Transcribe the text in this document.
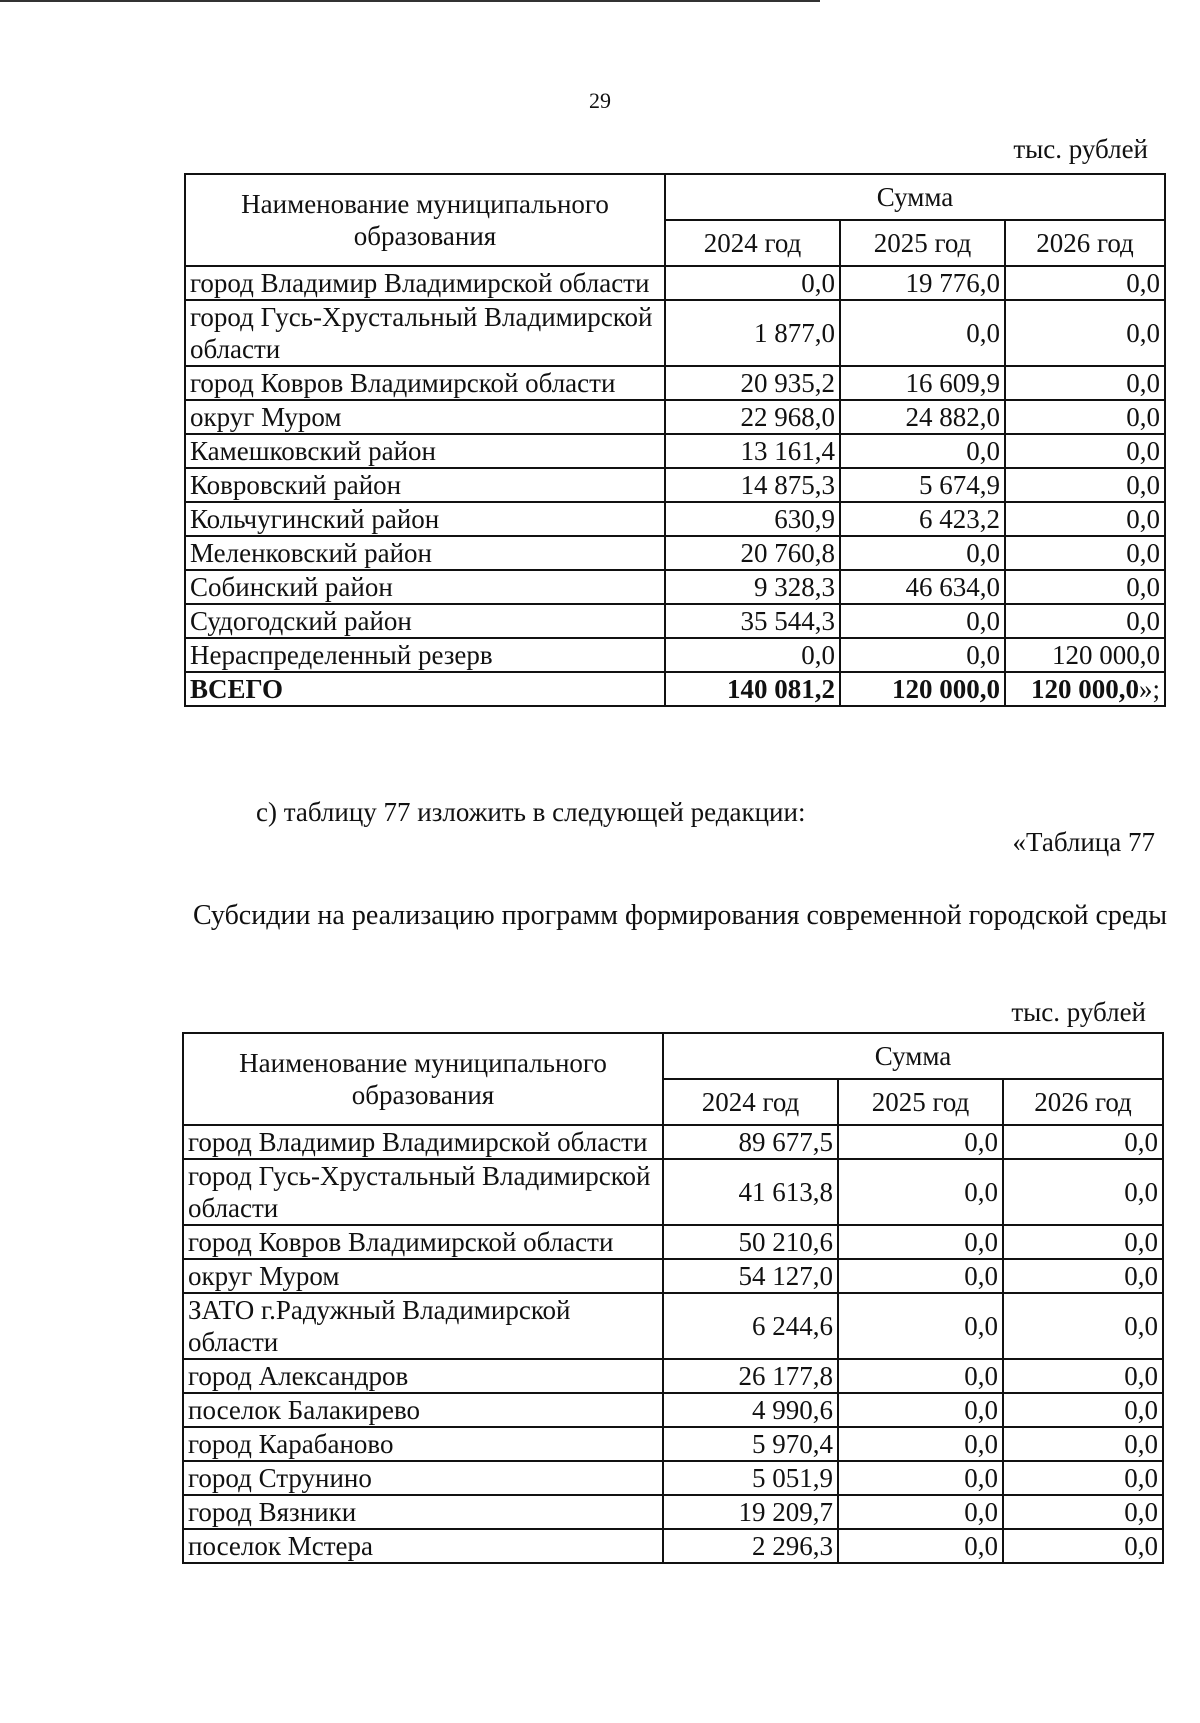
29
тыс. рублей
Наименование муниципального образования	Сумма		
	2024 год	2025 год	2026 год
город Владимир Владимирской области	0,0	19 776,0	0,0
город Гусь-Хрустальный Владимирской области	1 877,0	0,0	0,0
город Ковров Владимирской области	20 935,2	16 609,9	0,0
округ Муром	22 968,0	24 882,0	0,0
Камешковский район	13 161,4	0,0	0,0
Ковровский район	14 875,3	5 674,9	0,0
Кольчугинский район	630,9	6 423,2	0,0
Меленковский район	20 760,8	0,0	0,0
Собинский район	9 328,3	46 634,0	0,0
Судогодский район	35 544,3	0,0	0,0
Нераспределенный резерв	0,0	0,0	120 000,0
ВСЕГО	140 081,2	120 000,0	120 000,0»;
с) таблицу 77 изложить в следующей редакции:
«Таблица 77
Субсидии на реализацию программ формирования современной городской среды
тыс. рублей
Наименование муниципального образования	Сумма		
	2024 год	2025 год	2026 год
город Владимир Владимирской области	89 677,5	0,0	0,0
город Гусь-Хрустальный Владимирской области	41 613,8	0,0	0,0
город Ковров Владимирской области	50 210,6	0,0	0,0
округ Муром	54 127,0	0,0	0,0
ЗАТО г.Радужный Владимирской области	6 244,6	0,0	0,0
город Александров	26 177,8	0,0	0,0
поселок Балакирево	4 990,6	0,0	0,0
город Карабаново	5 970,4	0,0	0,0
город Струнино	5 051,9	0,0	0,0
город Вязники	19 209,7	0,0	0,0
поселок Мстера	2 296,3	0,0	0,0
